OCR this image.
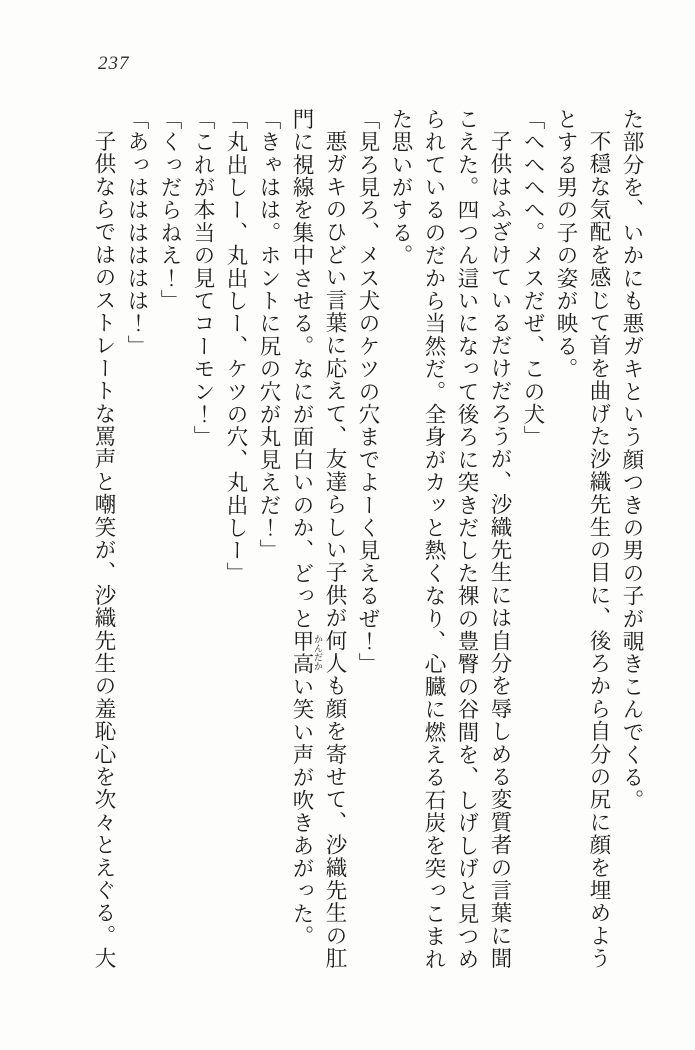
237

た部分を、いかにも悪ガキという顔つきの男の子が覗きこんでくる。

不穏な気配を感じて首を曲げた沙織先生の目に、後ろから自分の尻に顔を埋めようとする男の子の姿が映る。

「へへへへ。メスだぜ、この犬」

子供はふざけているだけだろうが、沙織先生には自分を辱しめる変質者の言葉に聞こえた。四つん這いになって後ろに突きだした裸の豊臀の谷間を、しげしげと見つめられているのだから当然だ。全身がカッと熱くなり、心臓に燃える石炭を突っこまれた思いがする。

「見ろ見ろ、メス犬のケツの穴までよーく見えるぜ！」

悪ガキのひどい言葉に応えて、友達らしい子供が何人も顔を寄せて、沙織先生の肛門に視線を集中させる。なにが面白いのか、どっと甲高 かんだかい笑い声が吹きあがった。

「きゃはは。ホントに尻の穴が丸見えだ！」

「丸出しー、丸出しー、ケツの穴、丸出しー」

「これが本当の見てコーモン！」

「くっだらねえ！」

「あっはははははは！」

子供ならではのストレートな罵声と嘲笑が、沙織先生の羞恥心を次々とえぐる。大
